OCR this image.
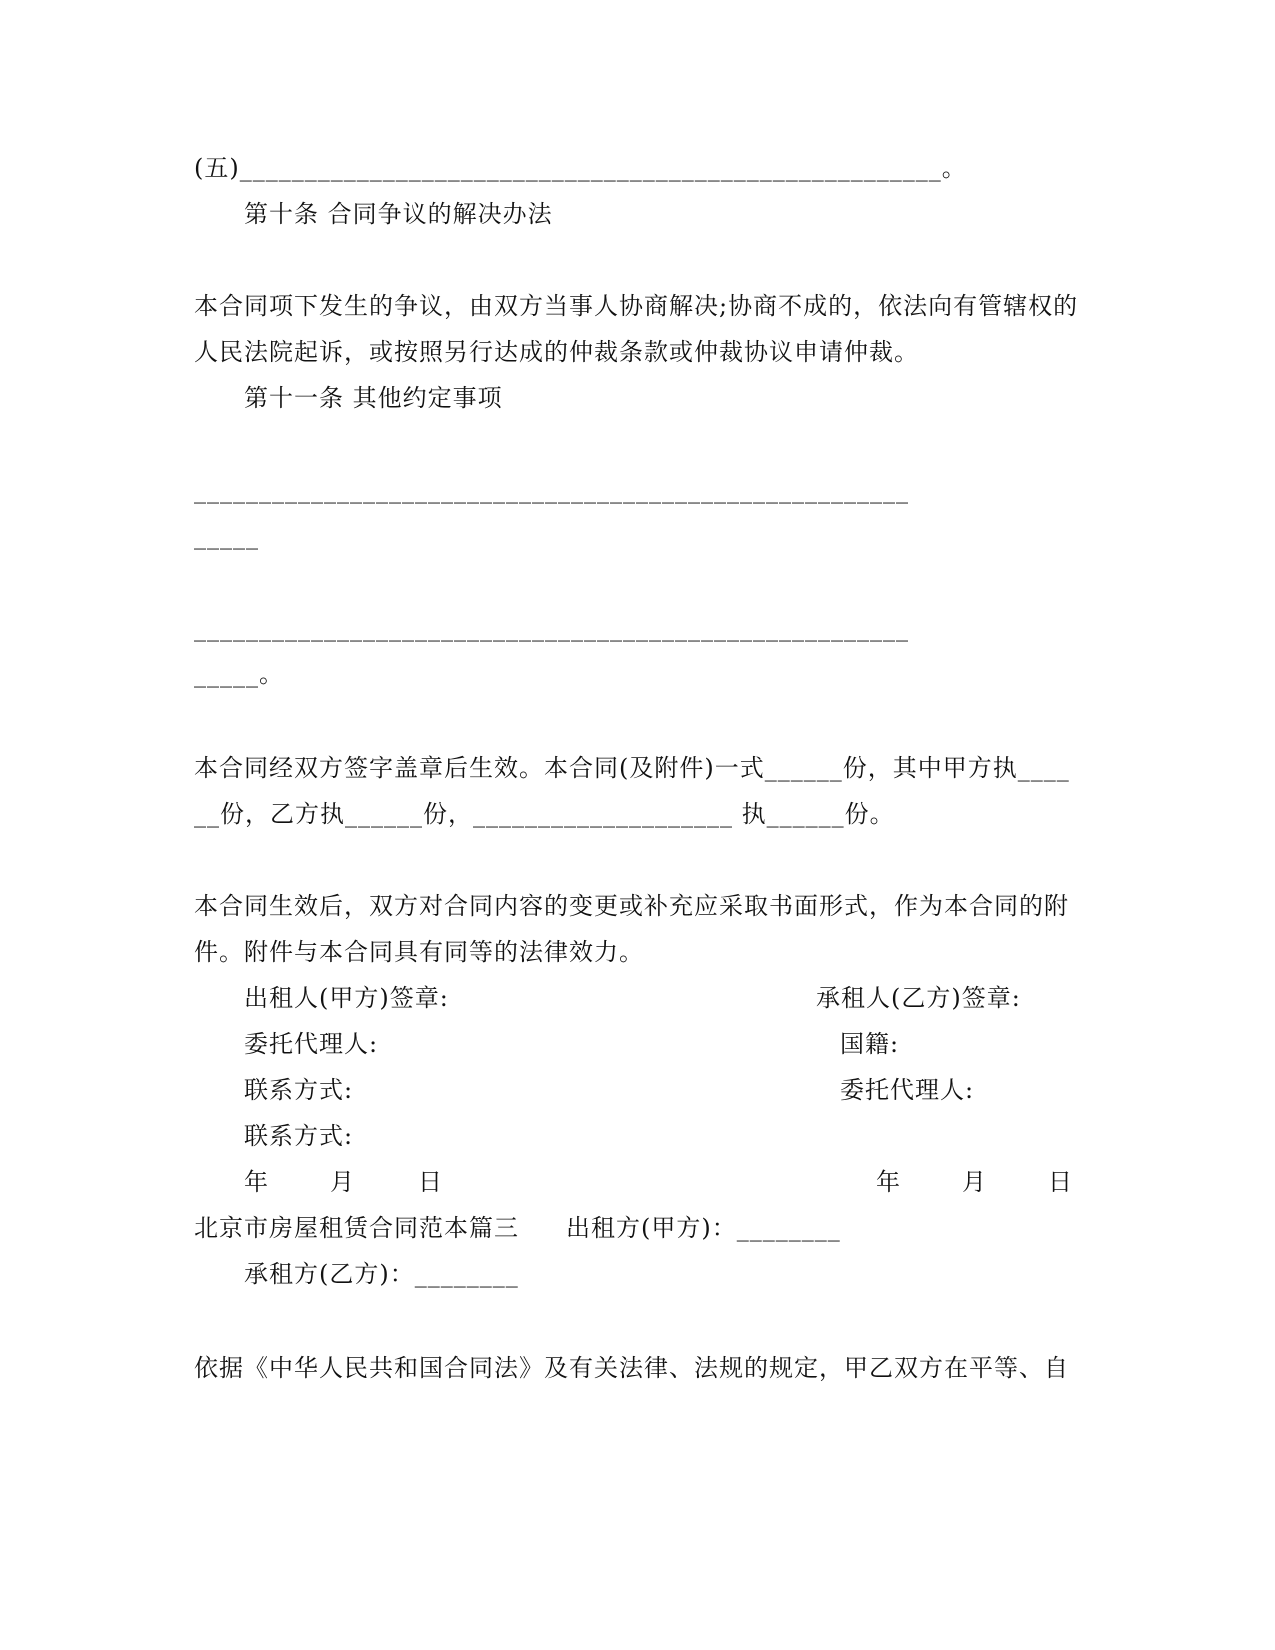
(五)______________________________________________________。
第十条 合同争议的解决办法
本合同项下发生的争议，由双方当事人协商解决;协商不成的，依法向有管辖权的
人民法院起诉，或按照另行达成的仲裁条款或仲裁协议申请仲裁。
第十一条 其他约定事项
_______________________________________________________
_____
_______________________________________________________
_____。
本合同经双方签字盖章后生效。本合同(及附件)一式______份，其中甲方执____
__份，乙方执______份，____________________ 执______份。
本合同生效后，双方对合同内容的变更或补充应采取书面形式，作为本合同的附
件。附件与本合同具有同等的法律效力。
出租人(甲方)签章:	承租人(乙方)签章:
委托代理人:	国籍:
联系方式:	委托代理人:
联系方式:
年	月	日	年	月	日
北京市房屋租赁合同范本篇三 出租方(甲方)：________
承租方(乙方)：________
依据《中华人民共和国合同法》及有关法律、法规的规定，甲乙双方在平等、自
